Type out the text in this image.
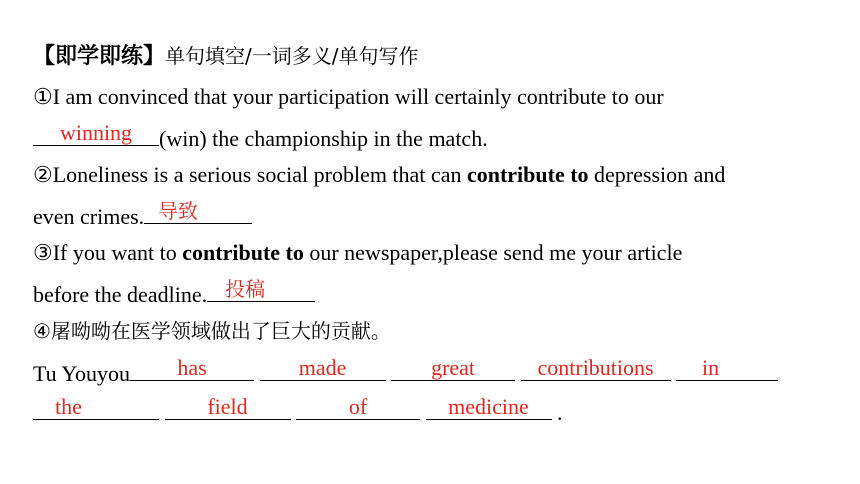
【即学即练】单句填空/一词多义/单句写作
①I am convinced that your participation will certainly contribute to our
winning	(win) the championship in the match.
②Loneliness is a serious social problem that can contribute to depression and
even crimes. 导致
③If you want to contribute to our newspaper,please send me your article
before the deadline. 投稿
④屠呦呦在医学领域做出了巨大的贡献。
Tu Youyou	has
	made
	great
	contributions
	in
the
	field
	of
	medicine	.
